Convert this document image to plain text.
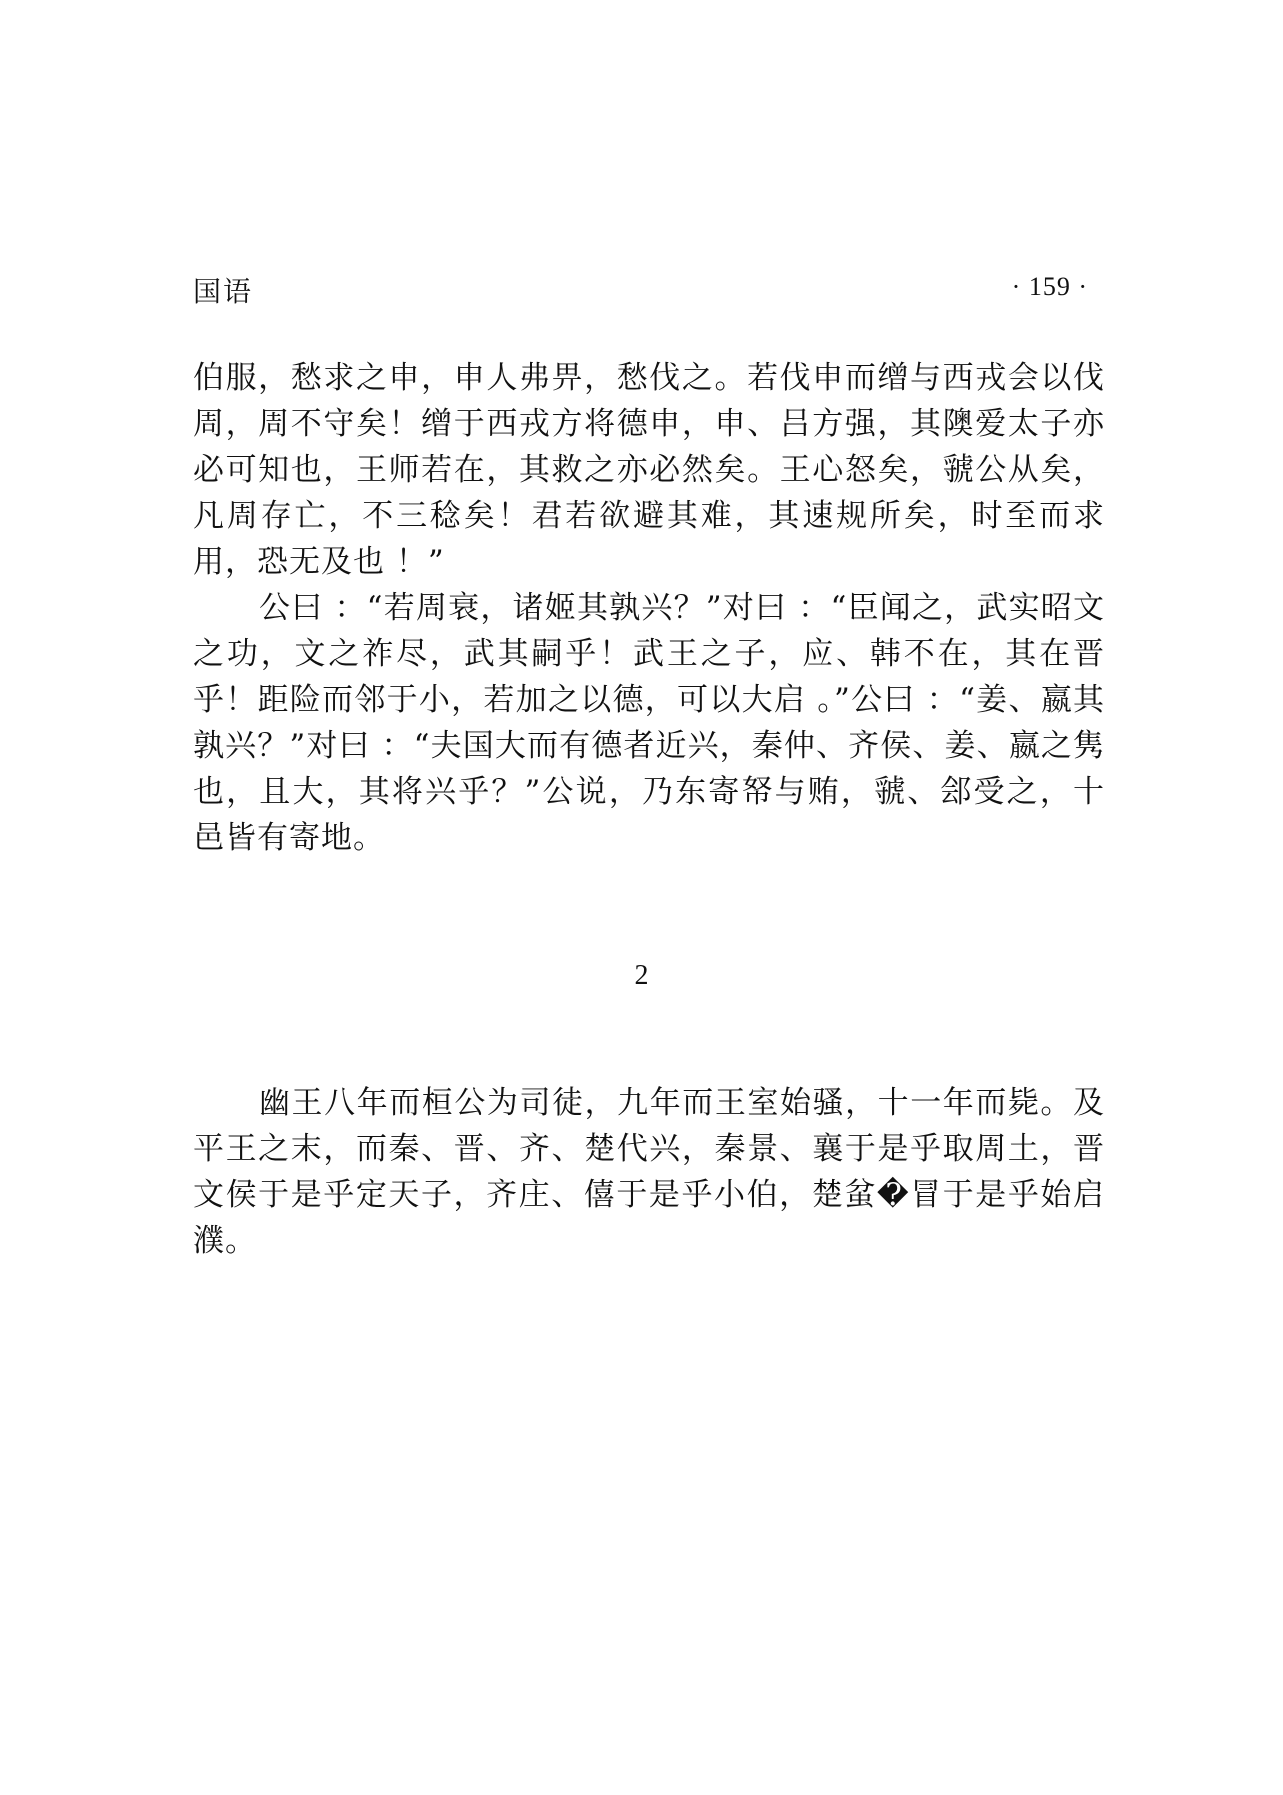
国语	· 159 ·

伯服，愁求之申，申人弗畀，愁伐之。若伐申而缯与西戎会以伐周，周不守矣！缯于西戎方将德申，申、吕方强，其隩爱太子亦必可知也，王师若在，其救之亦必然矣。王心怒矣，虢公从矣，凡周存亡，不三稔矣！君若欲避其难，其速规所矣，时至而求用，恐无及也 ！”

公曰 ：“若周衰，诸姬其孰兴？”对曰 ：“臣闻之，武实昭文之功，文之祚尽，武其嗣乎！武王之子，应、韩不在，其在晋乎！距险而邻于小，若加之以德，可以大启 。”公曰 ：“姜、嬴其孰兴？”对曰 ：“夫国大而有德者近兴，秦仲、齐侯、姜、嬴之隽也，且大，其将兴乎？”公说，乃东寄帑与贿，虢、郐受之，十邑皆有寄地。

2

幽王八年而桓公为司徒，九年而王室始骚，十一年而毙。及平王之末，而秦、晋、齐、楚代兴，秦景、襄于是乎取周土，晋文侯于是乎定天子，齐庄、僖于是乎小伯，楚蚠�冒于是乎始启濮。
